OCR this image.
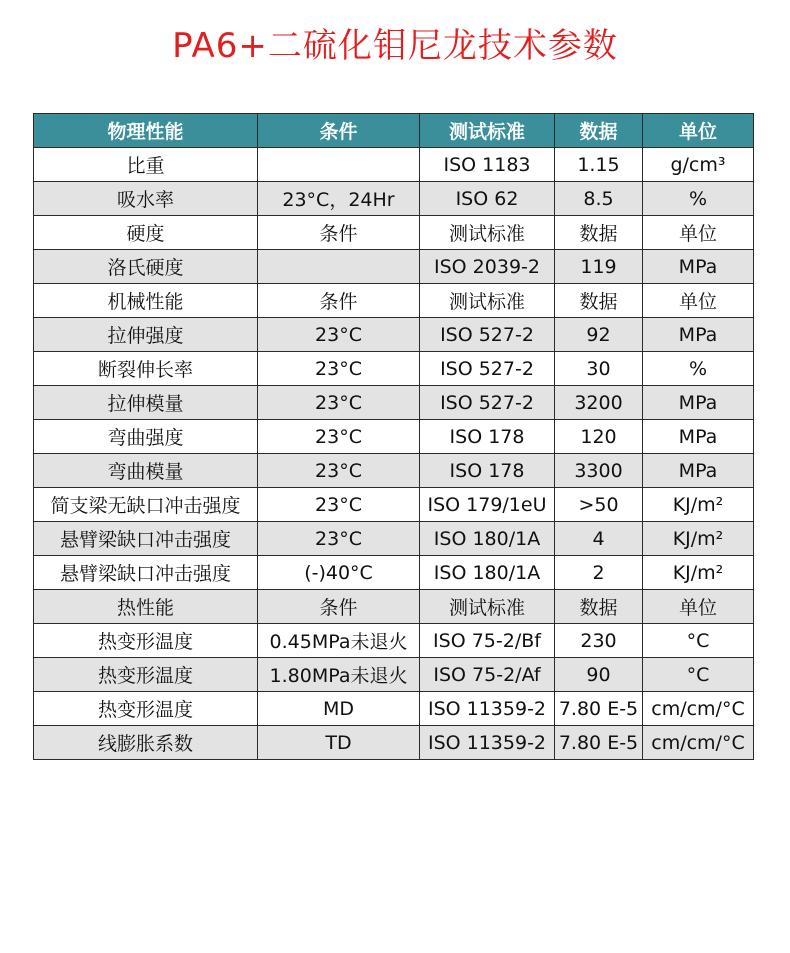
PA6+二硫化钼尼龙技术参数
物理性能	条件	测试标准	数据	单位
比重		ISO 1183	1.15	g/cm³
吸水率	23°C，24Hr	ISO 62	8.5	%
硬度	条件	测试标准	数据	单位
洛氏硬度		ISO 2039-2	119	MPa
机械性能	条件	测试标准	数据	单位
拉伸强度	23°C	ISO 527-2	92	MPa
断裂伸长率	23°C	ISO 527-2	30	%
拉伸模量	23°C	ISO 527-2	3200	MPa
弯曲强度	23°C	ISO 178	120	MPa
弯曲模量	23°C	ISO 178	3300	MPa
简支梁无缺口冲击强度	23°C	ISO 179/1eU	>50	KJ/m²
悬臂梁缺口冲击强度	23°C	ISO 180/1A	4	KJ/m²
悬臂梁缺口冲击强度	(-)40°C	ISO 180/1A	2	KJ/m²
热性能	条件	测试标准	数据	单位
热变形温度	0.45MPa未退火	ISO 75-2/Bf	230	°C
热变形温度	1.80MPa未退火	ISO 75-2/Af	90	°C
热变形温度	MD	ISO 11359-2	7.80 E-5	cm/cm/°C
线膨胀系数	TD	ISO 11359-2	7.80 E-5	cm/cm/°C
